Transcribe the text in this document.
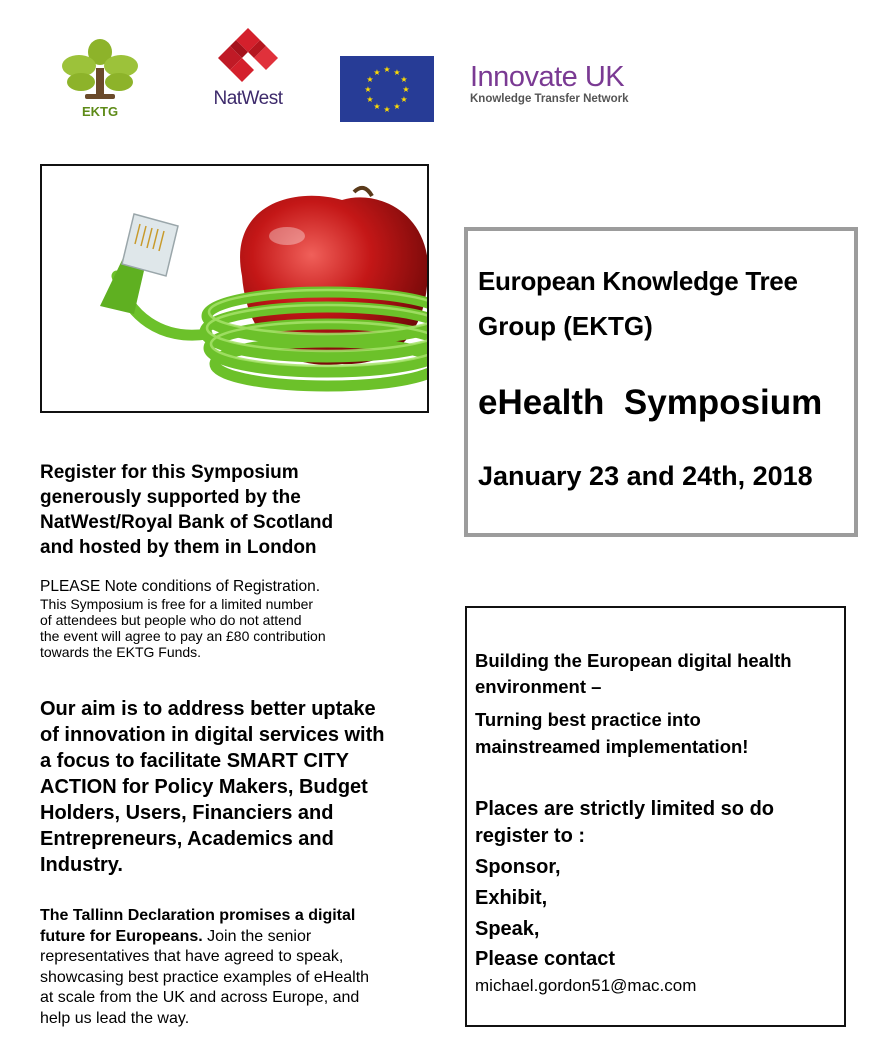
EKTG
NatWest
★ ★
★
★
★
★
★
★
★
★
★
★	Innovate UK
Knowledge Transfer Network
European Knowledge Tree
Group (EKTG)
eHealth  Symposium
January 23 and 24th, 2018
Register for this Symposium
generously supported by the
NatWest/Royal Bank of Scotland
and hosted by them in London
PLEASE Note conditions of Registration.
This Symposium is free for a limited number
of attendees but people who do not attend
the event will agree to pay an £80 contribution
towards the EKTG Funds.
Our aim is to address better uptake
of innovation in digital services with
a focus to facilitate SMART CITY
ACTION for Policy Makers, Budget
Holders, Users, Financiers and
Entrepreneurs, Academics and
Industry.
The Tallinn Declaration promises a digital
future for Europeans. Join the senior
representatives that have agreed to speak,
showcasing best practice examples of eHealth
at scale from the UK and across Europe, and
help us lead the way.
Building the European digital health
environment –
Turning best practice into
mainstreamed implementation!
Places are strictly limited so do
register to :
Sponsor,
Exhibit,
Speak,
Please contact
michael.gordon51@mac.com
